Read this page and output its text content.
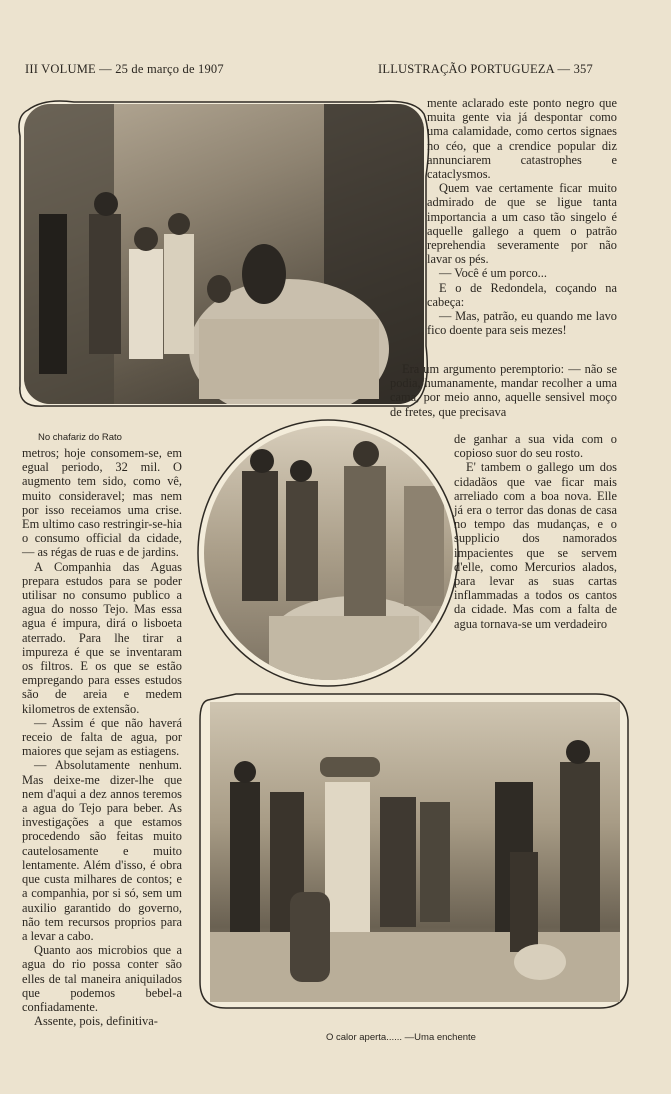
III VOLUME — 25 de março de 1907	ILLUSTRAÇÃO PORTUGUEZA — 357
No chafariz do Rato

mente aclarado este ponto negro que muita gente via já despontar como uma calamidade, como certos signaes no céo, que a crendice popular diz annunciarem catastrophes e cataclysmos.

Quem vae certamente ficar muito admirado de que se ligue tanta importancia a um caso tão singelo é aquelle gallego a quem o patrão reprehendia severamente por não lavar os pés.

— Você é um porco...

E o de Redondela, coçando na cabeça:

— Mas, patrão, eu quando me lavo fico doente para seis mezes!

Era um argumento peremptorio: — não se podia, humanamente, mandar recolher a uma cama, por meio anno, aquelle sensivel moço de fretes, que precisava

de ganhar a sua vida com o copioso suor do seu rosto.

E' tambem o gallego um dos cidadãos que vae ficar mais arreliado com a boa nova. Elle já era o terror das donas de casa no tempo das mudanças, e o supplicio dos namorados impacientes que se servem d'elle, como Mercurios alados, para levar as suas cartas inflammadas a todos os cantos da cidade. Mas com a falta de agua tornava-se um verdadeiro

metros; hoje consomem-se, em egual periodo, 32 mil. O augmento tem sido, como vê, muito consideravel; mas nem por isso receiamos uma crise. Em ultimo caso restringir-se-hia o consumo official da cidade, — as régas de ruas e de jardins.

A Companhia das Aguas prepara estudos para se poder utilisar no consumo publico a agua do nosso Tejo. Mas essa agua é impura, dirá o lisboeta aterrado. Para lhe tirar a impureza é que se inventaram os filtros. E os que se estão empregando para esses estudos são de areia e medem kilometros de extensão.

— Assim é que não haverá receio de falta de agua, por maiores que sejam as estiagens.

— Absolutamente nenhum. Mas deixe-me dizer-lhe que nem d'aqui a dez annos teremos a agua do Tejo para beber. As investigações a que estamos procedendo são feitas muito cautelosamente e muito lentamente. Além d'isso, é obra que custa milhares de contos; e a companhia, por si só, sem um auxilio garantido do governo, não tem recursos proprios para a levar a cabo.

Quanto aos microbios que a agua do rio possa conter são elles de tal maneira aniquilados que podemos bebel-a confiadamente.

Assente, pois, definitiva-

O calor aperta...... —Uma enchente
